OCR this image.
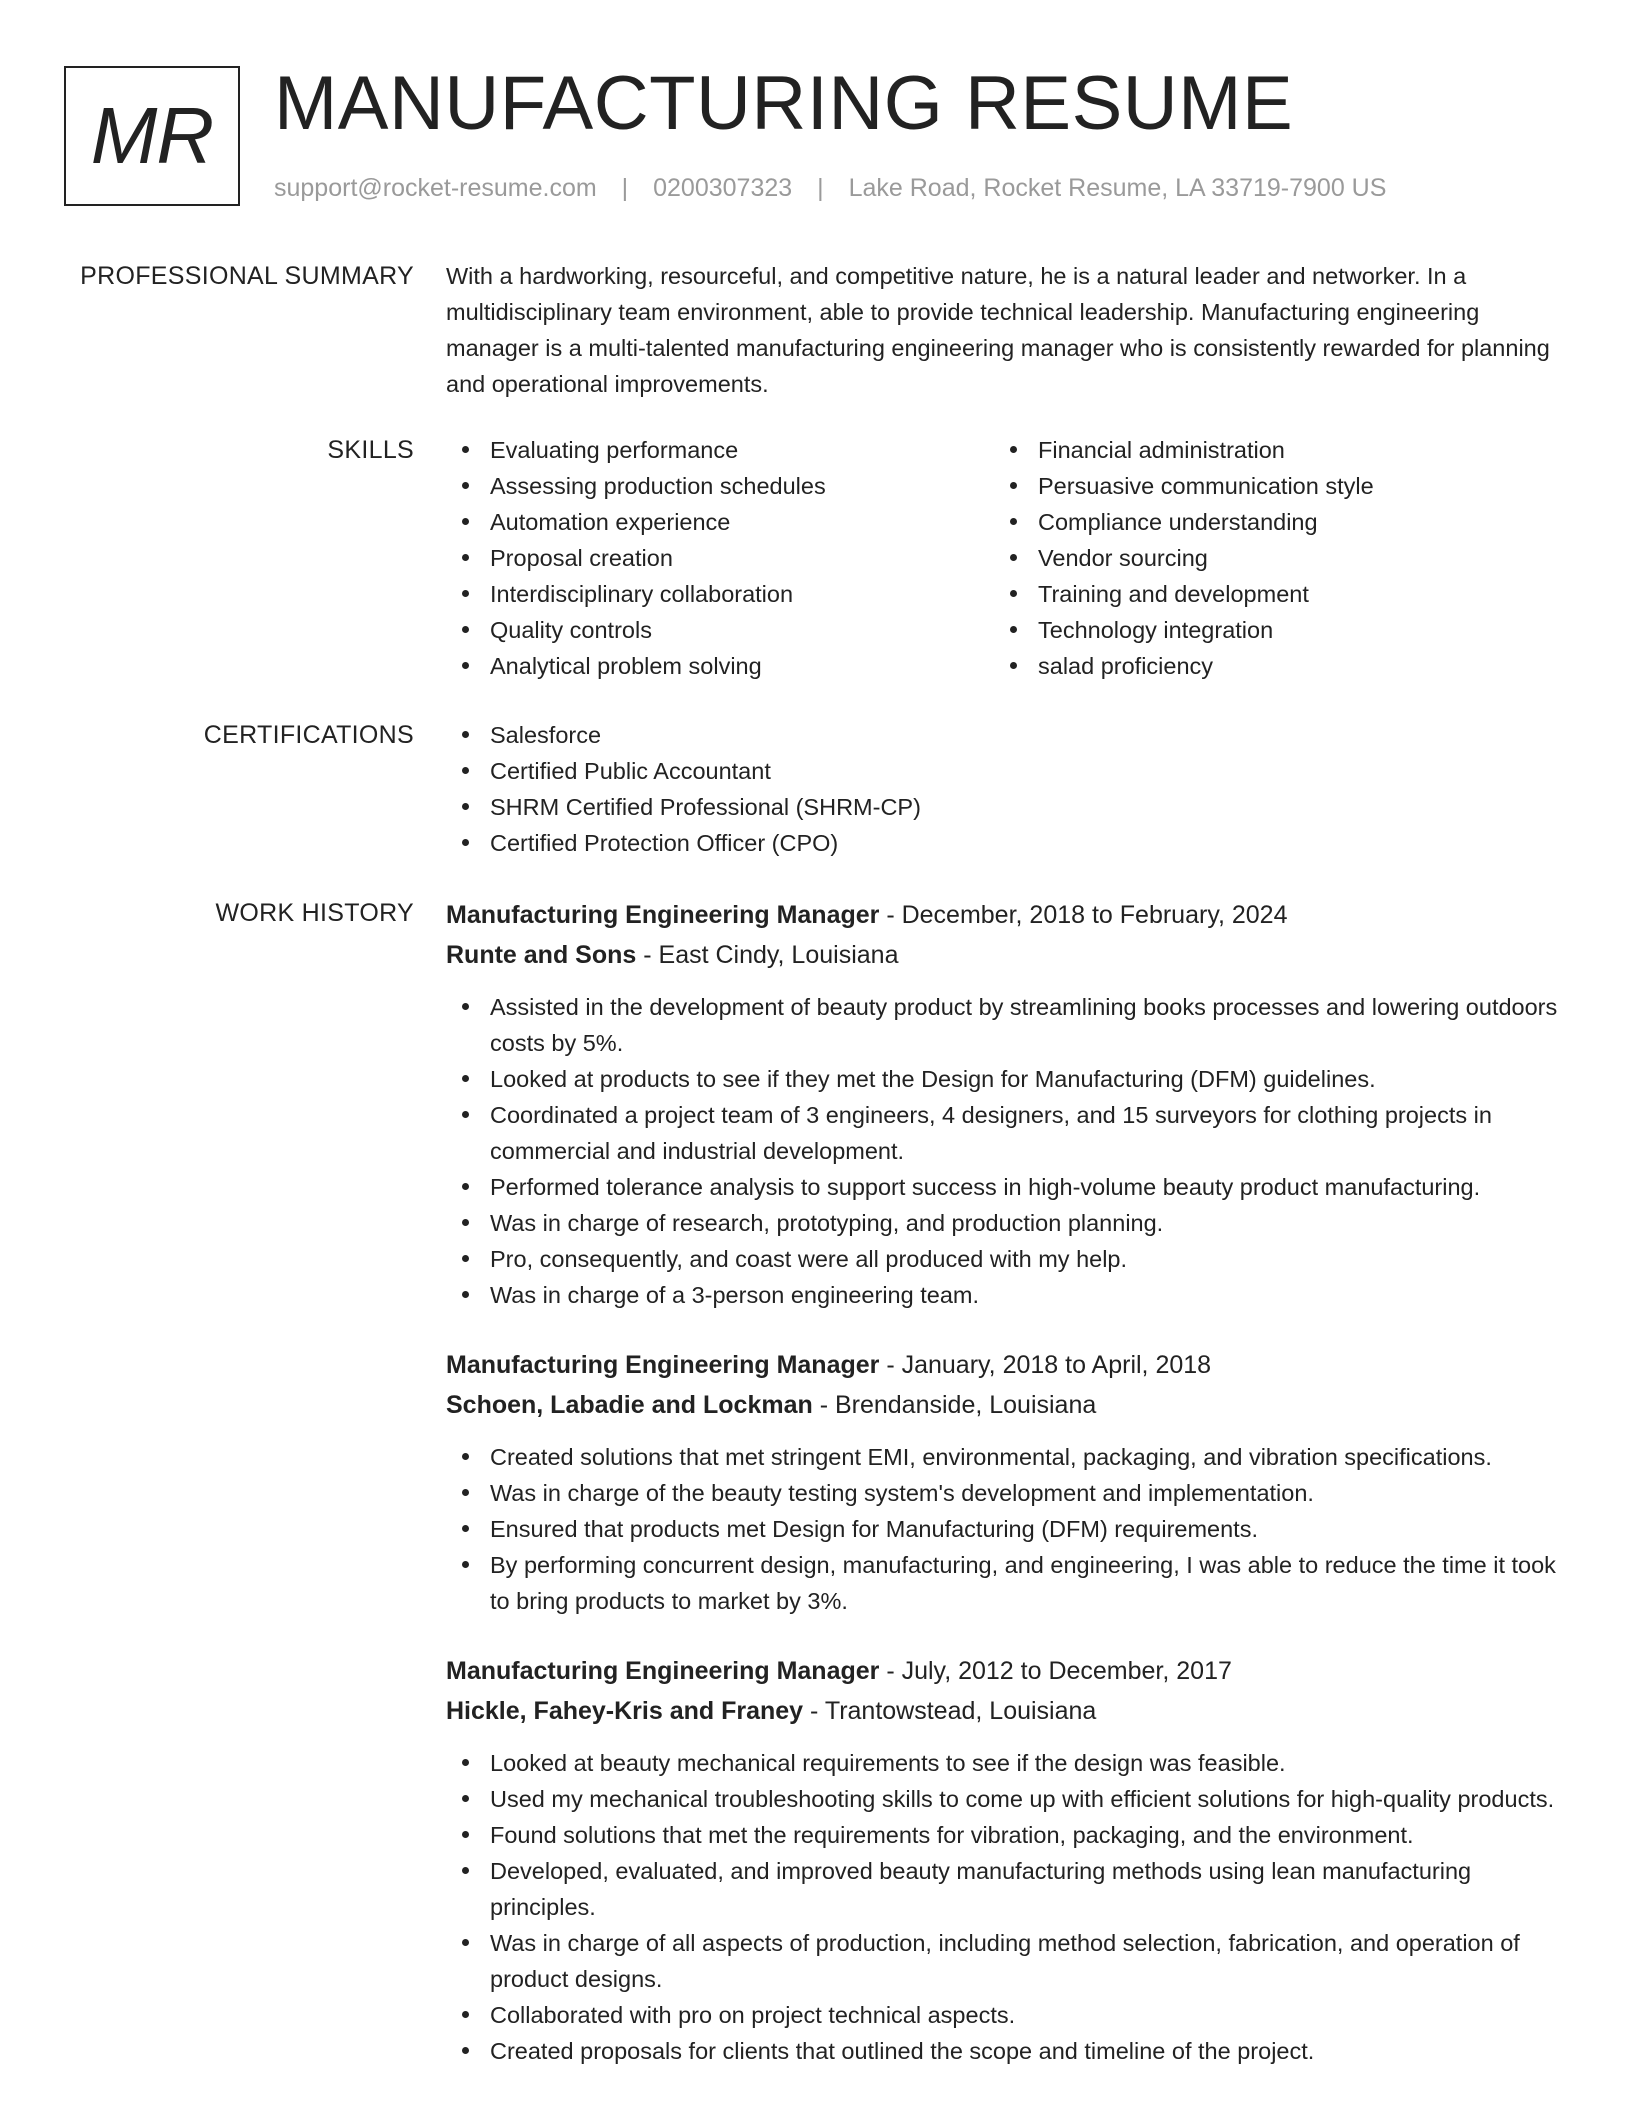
MR MANUFACTURING RESUME
support@rocket-resume.com | 0200307323 | Lake Road, Rocket Resume, LA 33719-7900 US
PROFESSIONAL SUMMARY With a hardworking, resourceful, and competitive nature, he is a natural leader and networker. In a multidisciplinary team environment, able to provide technical leadership. Manufacturing engineering manager is a multi-talented manufacturing engineering manager who is consistently rewarded for planning and operational improvements.

SKILLS	Evaluating performance
Assessing production schedules
Automation experience
Proposal creation
Interdisciplinary collaboration
Quality controls
Analytical problem solving
Financial administration
Persuasive communication style
Compliance understanding
Vendor sourcing
Training and development
Technology integration
salad proficiency
CERTIFICATIONS	Salesforce
Certified Public Accountant
SHRM Certified Professional (SHRM-CP)
Certified Protection Officer (CPO)
WORK HISTORY Manufacturing Engineering Manager - December, 2018 to February, 2024
Runte and Sons - East Cindy, Louisiana
Assisted in the development of beauty product by streamlining books processes and lowering outdoors costs by 5%.
Looked at products to see if they met the Design for Manufacturing (DFM) guidelines.
Coordinated a project team of 3 engineers, 4 designers, and 15 surveyors for clothing projects in commercial and industrial development.
Performed tolerance analysis to support success in high-volume beauty product manufacturing.
Was in charge of research, prototyping, and production planning.
Pro, consequently, and coast were all produced with my help.
Was in charge of a 3-person engineering team.
Manufacturing Engineering Manager - January, 2018 to April, 2018
Schoen, Labadie and Lockman - Brendanside, Louisiana
Created solutions that met stringent EMI, environmental, packaging, and vibration specifications.
Was in charge of the beauty testing system's development and implementation.
Ensured that products met Design for Manufacturing (DFM) requirements.
By performing concurrent design, manufacturing, and engineering, I was able to reduce the time it took to bring products to market by 3%.
Manufacturing Engineering Manager - July, 2012 to December, 2017
Hickle, Fahey-Kris and Franey - Trantowstead, Louisiana
Looked at beauty mechanical requirements to see if the design was feasible.
Used my mechanical troubleshooting skills to come up with efficient solutions for high-quality products.
Found solutions that met the requirements for vibration, packaging, and the environment.
Developed, evaluated, and improved beauty manufacturing methods using lean manufacturing principles.
Was in charge of all aspects of production, including method selection, fabrication, and operation of product designs.
Collaborated with pro on project technical aspects.
Created proposals for clients that outlined the scope and timeline of the project.
